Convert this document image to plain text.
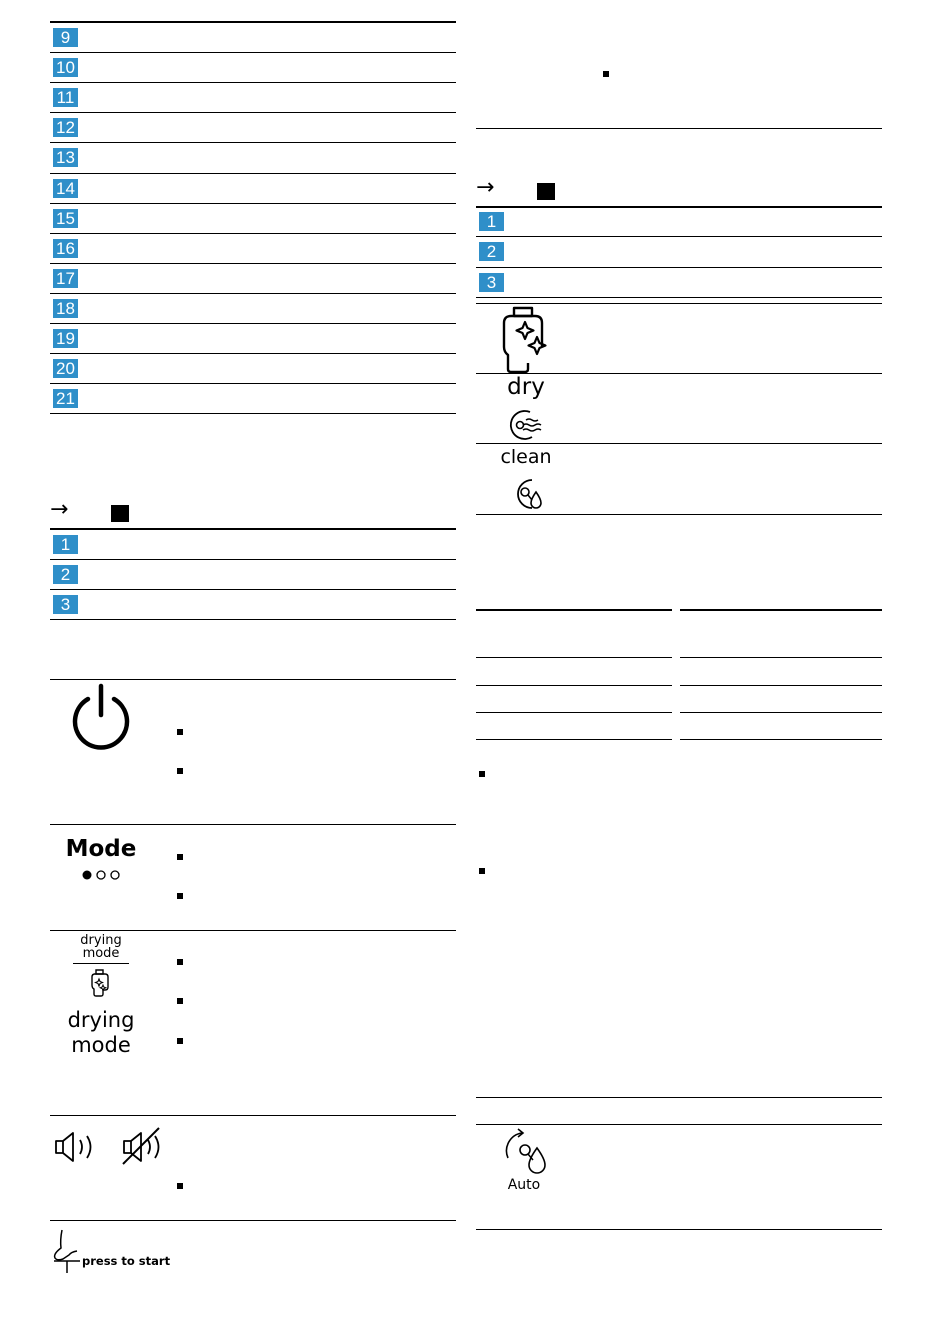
9
10
11
12
13
14
15
16
17
18
19
20
21
→
1
2
3
Mode
drying
mode
drying
mode
press to start
→
1
2
3
dry
clean
Auto
